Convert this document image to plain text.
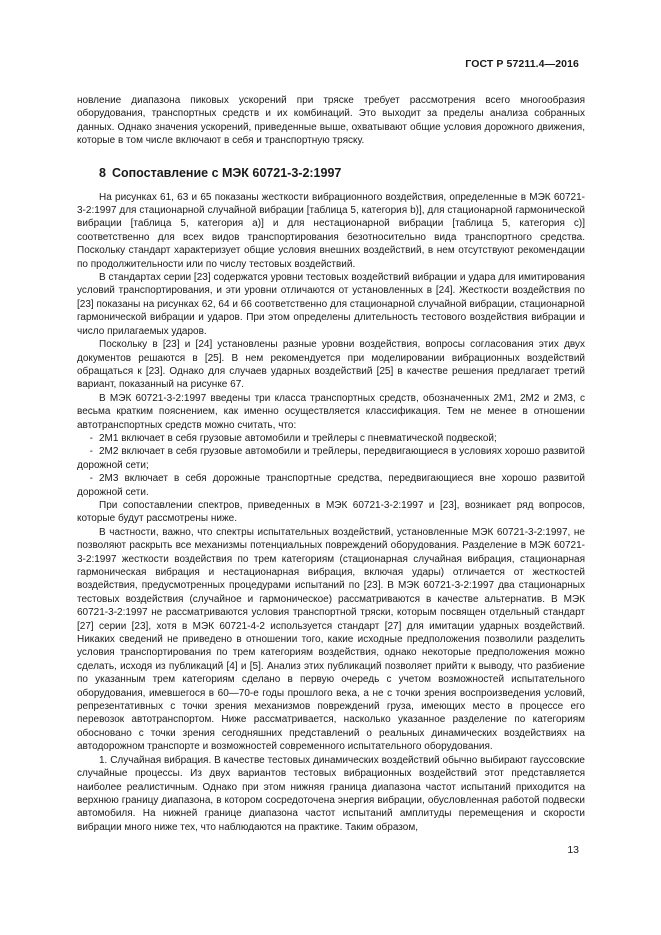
ГОСТ Р 57211.4—2016

новление диапазона пиковых ускорений при тряске требует рассмотрения всего многообразия оборудования, транспортных средств и их комбинаций. Это выходит за пределы анализа собранных данных. Однако значения ускорений, приведенные выше, охватывают общие условия дорожного движения, которые в том числе включают в себя и транспортную тряску.

8 Сопоставление с МЭК 60721-3-2:1997

На рисунках 61, 63 и 65 показаны жесткости вибрационного воздействия, определенные в МЭК 60721-3-2:1997 для стационарной случайной вибрации [таблица 5, категория b)], для стационарной гармонической вибрации [таблица 5, категория a)] и для нестационарной вибрации [таблица 5, категория c)] соответственно для всех видов транспортирования безотносительно вида транспортного средства. Поскольку стандарт характеризует общие условия внешних воздействий, в нем отсутствуют рекомендации по продолжительности или по числу тестовых воздействий.

В стандартах серии [23] содержатся уровни тестовых воздействий вибрации и удара для имитирования условий транспортирования, и эти уровни отличаются от установленных в [24]. Жесткости воздействия по [23] показаны на рисунках 62, 64 и 66 соответственно для стационарной случайной вибрации, стационарной гармонической вибрации и ударов. При этом определены длительность тестового воздействия вибрации и число прилагаемых ударов.

Поскольку в [23] и [24] установлены разные уровни воздействия, вопросы согласования этих двух документов решаются в [25]. В нем рекомендуется при моделировании вибрационных воздействий обращаться к [23]. Однако для случаев ударных воздействий [25] в качестве решения предлагает третий вариант, показанный на рисунке 67.

В МЭК 60721-3-2:1997 введены три класса транспортных средств, обозначенных 2М1, 2М2 и 2М3, с весьма кратким пояснением, как именно осуществляется классификация. Тем не менее в отношении автотранспортных средств можно считать, что:

- 2М1 включает в себя грузовые автомобили и трейлеры с пневматической подвеской;

- 2М2 включает в себя грузовые автомобили и трейлеры, передвигающиеся в условиях хорошо развитой дорожной сети;

- 2М3 включает в себя дорожные транспортные средства, передвигающиеся вне хорошо развитой дорожной сети.

При сопоставлении спектров, приведенных в МЭК 60721-3-2:1997 и [23], возникает ряд вопросов, которые будут рассмотрены ниже.

В частности, важно, что спектры испытательных воздействий, установленные МЭК 60721-3-2:1997, не позволяют раскрыть все механизмы потенциальных повреждений оборудования. Разделение в МЭК 60721-3-2:1997 жесткости воздействия по трем категориям (стационарная случайная вибрация, стационарная гармоническая вибрация и нестационарная вибрация, включая удары) отличается от жесткостей воздействия, предусмотренных процедурами испытаний по [23]. В МЭК 60721-3-2:1997 два стационарных тестовых воздействия (случайное и гармоническое) рассматриваются в качестве альтернатив. В МЭК 60721-3-2:1997 не рассматриваются условия транспортной тряски, которым посвящен отдельный стандарт [27] серии [23], хотя в МЭК 60721-4-2 используется стандарт [27] для имитации ударных воздействий. Никаких сведений не приведено в отношении того, какие исходные предположения позволили разделить условия транспортирования по трем категориям воздействия, однако некоторые предположения можно сделать, исходя из публикаций [4] и [5]. Анализ этих публикаций позволяет прийти к выводу, что разбиение по указанным трем категориям сделано в первую очередь с учетом возможностей испытательного оборудования, имевшегося в 60—70-е годы прошлого века, а не с точки зрения воспроизведения условий, репрезентативных с точки зрения механизмов повреждений груза, имеющих место в процессе его перевозок автотранспортом. Ниже рассматривается, насколько указанное разделение по категориям обосновано с точки зрения сегодняшних представлений о реальных динамических воздействиях на автодорожном транспорте и возможностей современного испытательного оборудования.

1. Случайная вибрация. В качестве тестовых динамических воздействий обычно выбирают гауссовские случайные процессы. Из двух вариантов тестовых вибрационных воздействий этот представляется наиболее реалистичным. Однако при этом нижняя граница диапазона частот испытаний приходится на верхнюю границу диапазона, в котором сосредоточена энергия вибрации, обусловленная работой подвески автомобиля. На нижней границе диапазона частот испытаний амплитуды перемещения и скорости вибрации много ниже тех, что наблюдаются на практике. Таким образом,

13
